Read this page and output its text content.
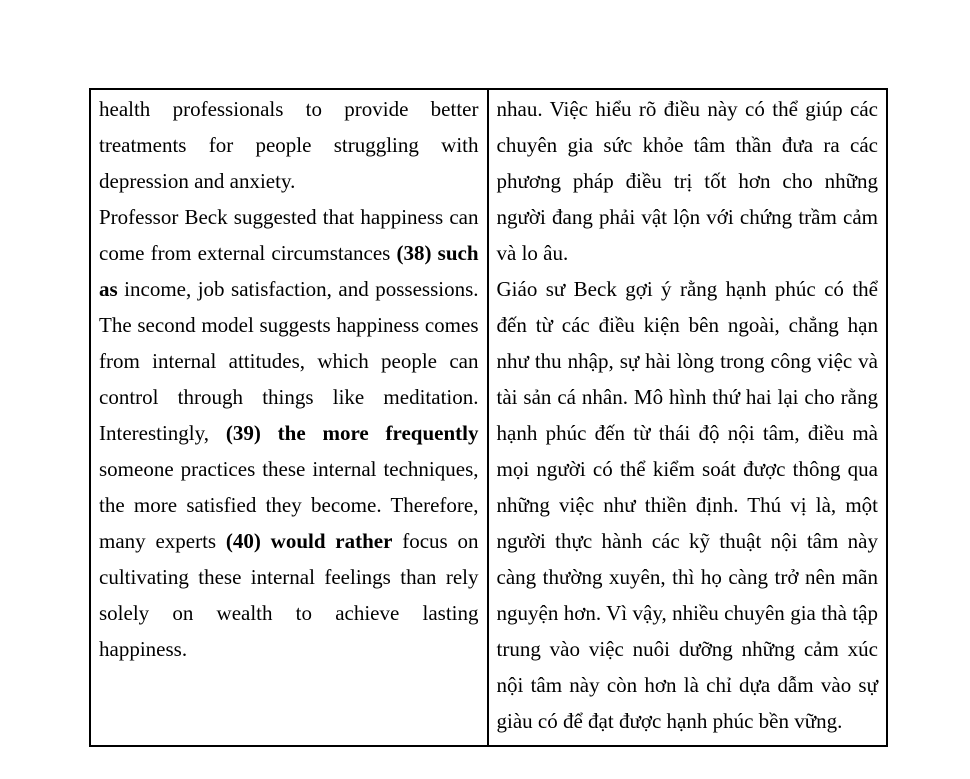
health professionals to provide better treatments for people struggling with depression and anxiety.

Professor Beck suggested that happiness can come from external circumstances (38) such as income, job satisfaction, and possessions. The second model suggests happiness comes from internal attitudes, which people can control through things like meditation. Interestingly, (39) the more frequently someone practices these internal techniques, the more satisfied they become. Therefore, many experts (40) would rather focus on cultivating these internal feelings than rely solely on wealth to achieve lasting happiness.

nhau. Việc hiểu rõ điều này có thể giúp các chuyên gia sức khỏe tâm thần đưa ra các phương pháp điều trị tốt hơn cho những người đang phải vật lộn với chứng trầm cảm và lo âu.

Giáo sư Beck gợi ý rằng hạnh phúc có thể đến từ các điều kiện bên ngoài, chẳng hạn như thu nhập, sự hài lòng trong công việc và tài sản cá nhân. Mô hình thứ hai lại cho rằng hạnh phúc đến từ thái độ nội tâm, điều mà mọi người có thể kiểm soát được thông qua những việc như thiền định. Thú vị là, một người thực hành các kỹ thuật nội tâm này càng thường xuyên, thì họ càng trở nên mãn nguyện hơn. Vì vậy, nhiều chuyên gia thà tập trung vào việc nuôi dưỡng những cảm xúc nội tâm này còn hơn là chỉ dựa dẫm vào sự giàu có để đạt được hạnh phúc bền vững.
